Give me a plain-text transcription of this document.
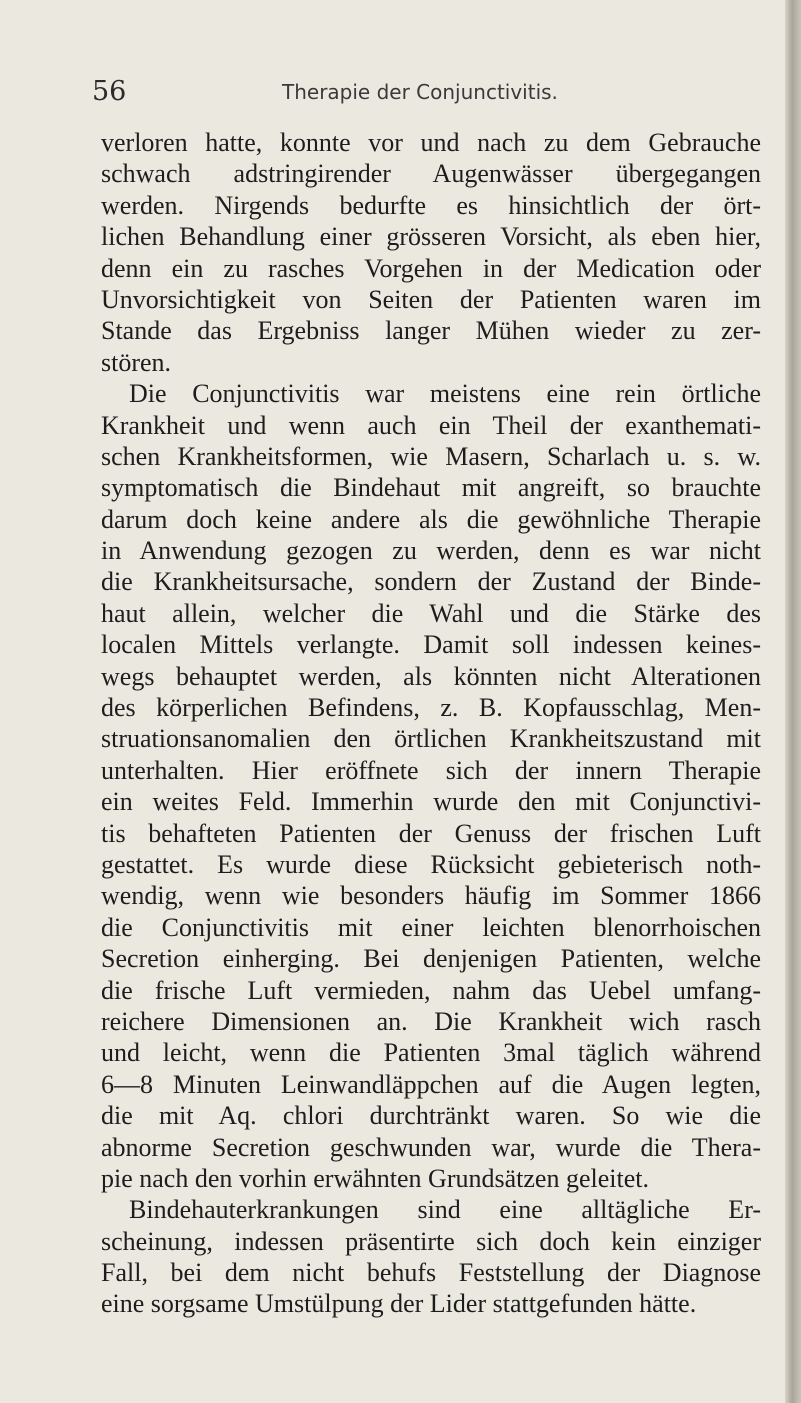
56	Therapie der Conjunctivitis.
verloren hatte, konnte vor und nach zu dem Gebrauche
schwach adstringirender Augenwässer übergegangen
werden. Nirgends bedurfte es hinsichtlich der ört-
lichen Behandlung einer grösseren Vorsicht, als eben hier,
denn ein zu rasches Vorgehen in der Medication oder
Unvorsichtigkeit von Seiten der Patienten waren im
Stande das Ergebniss langer Mühen wieder zu zer-
stören.
Die Conjunctivitis war meistens eine rein örtliche
Krankheit und wenn auch ein Theil der exanthemati-
schen Krankheitsformen, wie Masern, Scharlach u. s. w.
symptomatisch die Bindehaut mit angreift, so brauchte
darum doch keine andere als die gewöhnliche Therapie
in Anwendung gezogen zu werden, denn es war nicht
die Krankheitsursache, sondern der Zustand der Binde-
haut allein, welcher die Wahl und die Stärke des
localen Mittels verlangte. Damit soll indessen keines-
wegs behauptet werden, als könnten nicht Alterationen
des körperlichen Befindens, z. B. Kopfausschlag, Men-
struationsanomalien den örtlichen Krankheitszustand mit
unterhalten. Hier eröffnete sich der innern Therapie
ein weites Feld. Immerhin wurde den mit Conjunctivi-
tis behafteten Patienten der Genuss der frischen Luft
gestattet. Es wurde diese Rücksicht gebieterisch noth-
wendig, wenn wie besonders häufig im Sommer 1866
die Conjunctivitis mit einer leichten blenorrhoischen
Secretion einherging. Bei denjenigen Patienten, welche
die frische Luft vermieden, nahm das Uebel umfang-
reichere Dimensionen an. Die Krankheit wich rasch
und leicht, wenn die Patienten 3mal täglich während
6—8 Minuten Leinwandläppchen auf die Augen legten,
die mit Aq. chlori durchtränkt waren. So wie die
abnorme Secretion geschwunden war, wurde die Thera-
pie nach den vorhin erwähnten Grundsätzen geleitet.
Bindehauterkrankungen sind eine alltägliche Er-
scheinung, indessen präsentirte sich doch kein einziger
Fall, bei dem nicht behufs Feststellung der Diagnose
eine sorgsame Umstülpung der Lider stattgefunden hätte.
